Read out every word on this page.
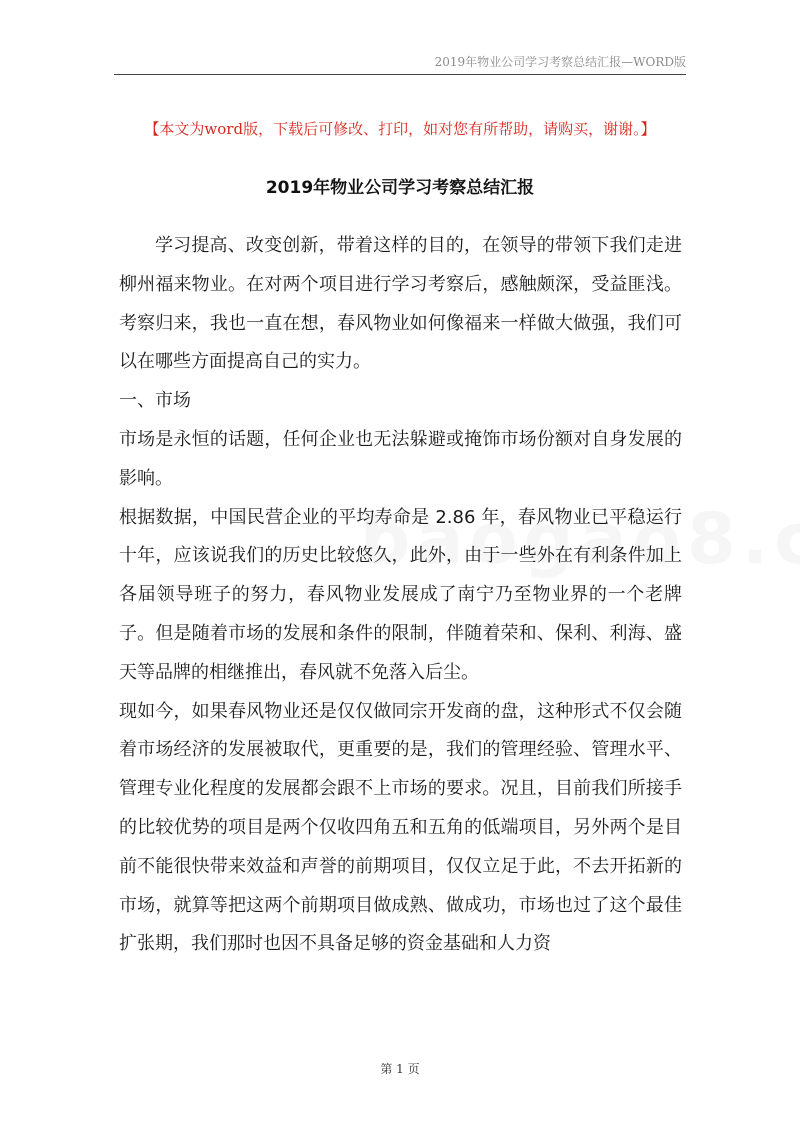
2019年物业公司学习考察总结汇报—WORD版
【本文为word版，下载后可修改、打印，如对您有所帮助，请购买，谢谢。】
2019年物业公司学习考察总结汇报

学习提高、改变创新，带着这样的目的，在领导的带领下我们走进柳州福来物业。在对两个项目进行学习考察后，感触颇深，受益匪浅。考察归来，我也一直在想，春风物业如何像福来一样做大做强，我们可以在哪些方面提高自己的实力。

一、市场

市场是永恒的话题，任何企业也无法躲避或掩饰市场份额对自身发展的影响。

根据数据，中国民营企业的平均寿命是 2.86 年，春风物业已平稳运行十年，应该说我们的历史比较悠久，此外，由于一些外在有利条件加上各届领导班子的努力，春风物业发展成了南宁乃至物业界的一个老牌子。但是随着市场的发展和条件的限制，伴随着荣和、保利、利海、盛天等品牌的相继推出，春风就不免落入后尘。

现如今，如果春风物业还是仅仅做同宗开发商的盘，这种形式不仅会随着市场经济的发展被取代，更重要的是，我们的管理经验、管理水平、管理专业化程度的发展都会跟不上市场的要求。况且，目前我们所接手的比较优势的项目是两个仅收四角五和五角的低端项目，另外两个是目前不能很快带来效益和声誉的前期项目，仅仅立足于此，不去开拓新的市场，就算等把这两个前期项目做成熟、做成功，市场也过了这个最佳扩张期，我们那时也因不具备足够的资金基础和人力资

第 1 页
